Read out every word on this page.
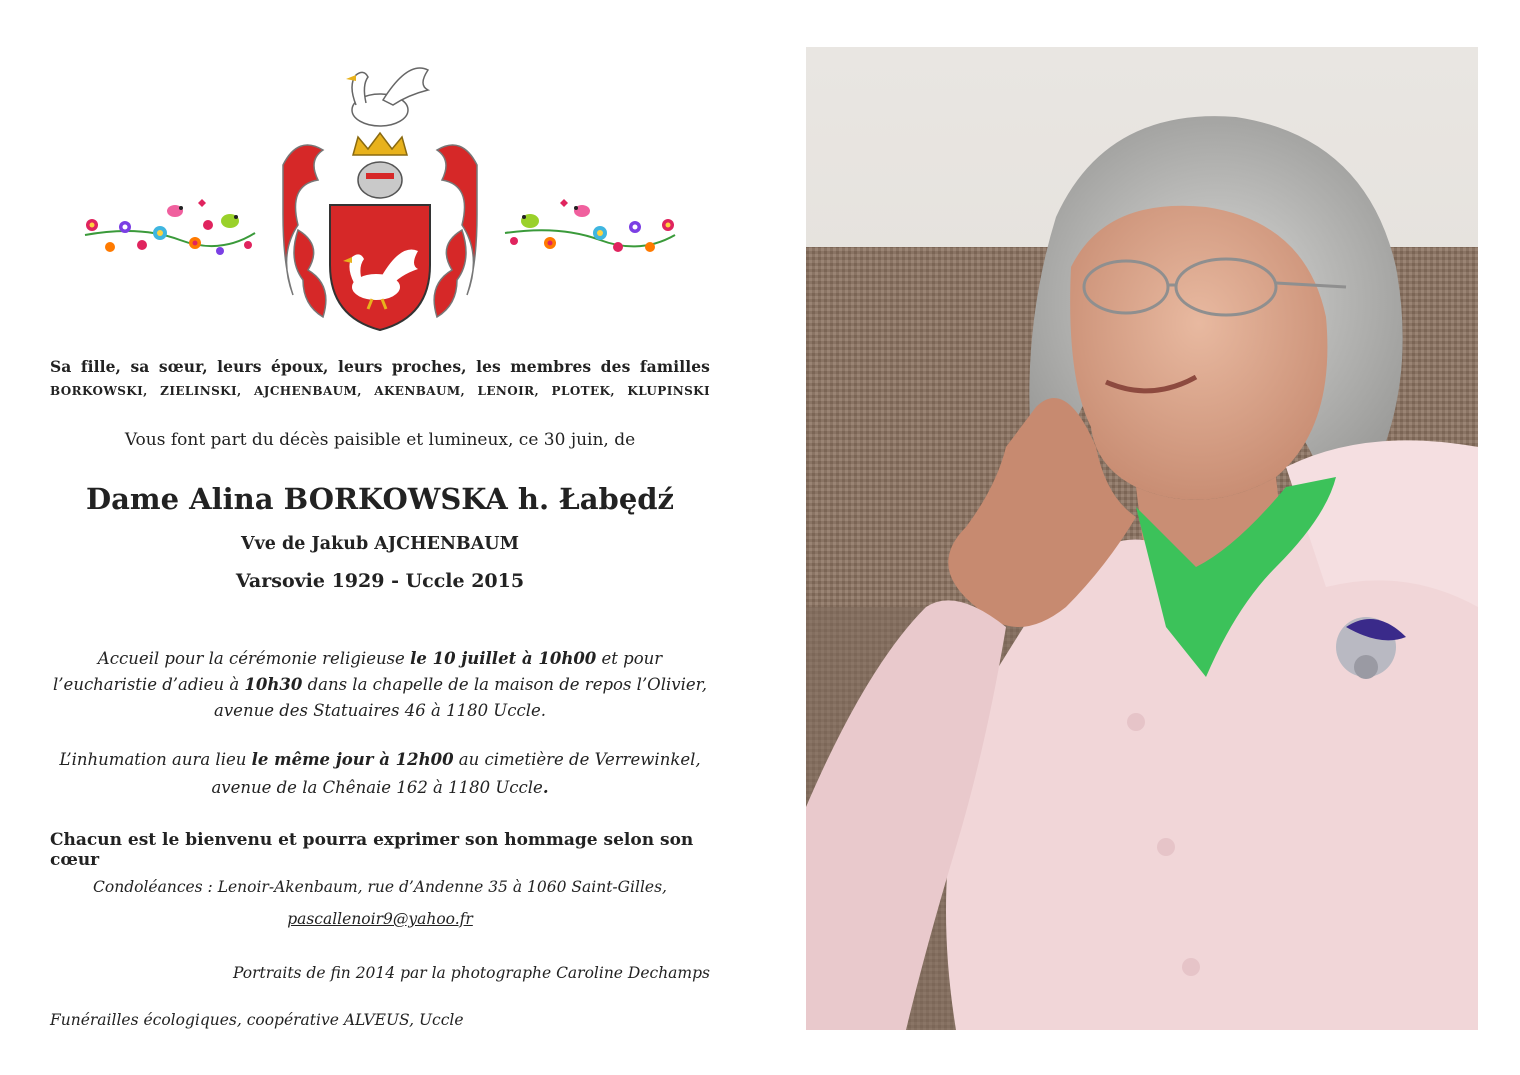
Sa fille, sa sœur, leurs époux, leurs proches, les membres des familles
BORKOWSKI, ZIELINSKI, AJCHENBAUM, AKENBAUM, LENOIR, PLOTEK, KLUPINSKI
Vous font part du décès paisible et lumineux, ce 30 juin, de
Dame Alina BORKOWSKA h. Łabędź
Vve de Jakub AJCHENBAUM
Varsovie 1929 - Uccle 2015
Accueil pour la cérémonie religieuse le 10 juillet à 10h00 et pour l’eucharistie d’adieu à 10h30 dans la chapelle de la maison de repos l’Olivier,
avenue des Statuaires 46 à 1180 Uccle.
L’inhumation aura lieu le même jour à 12h00 au cimetière de Verrewinkel,
avenue de la Chênaie 162 à 1180 Uccle.
Chacun est le bienvenu et pourra exprimer son hommage selon son cœur
Condoléances : Lenoir-Akenbaum, rue d’Andenne 35 à 1060 Saint-Gilles,
pascallenoir9@yahoo.fr
Portraits de fin 2014 par la photographe Caroline Dechamps
Funérailles écologiques, coopérative ALVEUS, Uccle
